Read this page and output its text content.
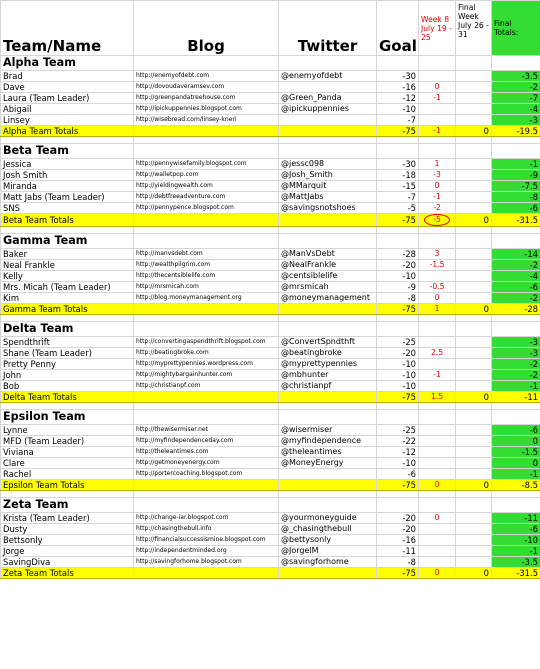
Team/Name	Blog	Twitter	Goal	Week 8 July 19 - 25	Final Week July 26 - 31	Final Totals:
Alpha Team						
Brad	http://enemyofdebt.com	@enemyofdebt	-30			-3.5
Dave	http://dovoudaveramsev.com		-16	0		-2
Laura (Team Leader)	http://greenpandatreehouse.com	@Green_Panda	-12	-1		-7
Abigail	http://ipickuppennies.blogspot.com	@ipickuppennies	-10			-4
Linsey	http://wisebread.com/linsey-kneri		-7			-3
Alpha Team Totals			-75	-1	0	-19.5

Beta Team						
Jessica	http://pennywisefamily.blogspot.com	@jessc098	-30	1		-1
Josh Smith	http://walletpop.com	@Josh_Smith	-18	-3		-9
Miranda	http://yieldingwealth.com	@MMarquit	-15	0		-7.5
Matt Jabs (Team Leader)	http://debtfreeadventure.com	@MattJabs	-7	-1		-8
SNS	http://pennypence.blogspot.com	@savingsnotshoes	-5	-2		-6
Beta Team Totals			-75	-5	0	-31.5

Gamma Team						
Baker	http://manvsdebt.com	@ManVsDebt	-28	3		-14
Neal Frankle	http://wealthpilgrim.com	@NealFrankle	-20	-1.5		-2
Kelly	http://thecentsiblelife.com	@centsiblelife	-10			-4
Mrs. Micah (Team Leader)	http://mrsmicah.com	@mrsmicah	-9	-0.5		-6
Kim	http://blog.moneymanagement.org	@moneymanagement	-8	0		-2
Gamma Team Totals			-75	1	0	-28

Delta Team						
Spendthrift	http://convertingaspendthrift.blogspot.com	@ConvertSpndthft	-25			-3
Shane (Team Leader)	http://beatingbroke.com	@beatingbroke	-20	2.5		-3
Pretty Penny	http://myprettypennies.wordpress.com	@myprettypennies	-10			-2
John	http://mightybargainhunter.com	@mbhunter	-10	-1		-2
Bob	http://christianpf.com	@christianpf	-10			-1
Delta Team Totals			-75	1.5	0	-11

Epsilon Team						
Lynne	http://thewisermiser.net	@wisermiser	-25			-6
MFD (Team Leader)	http://myfindependenceday.com	@myfindependence	-22			0
Viviana	http://theleantimes.com	@theleantimes	-12			-1.5
Clare	http://getmoneyenergy.com	@MoneyEnergy	-10			0
Rachel	http://portercoaching.blogspot.com		-6			-1
Epsilon Team Totals			-75	0	0	-8.5

Zeta Team						
Krista (Team Leader)	http://change-iar.blogspot.com	@yourmoneyguide	-20	0		-11
Dusty	http://chasingthebull.info	@_chasingthebull	-20			-6
Bettsonly	http://financialsuccessismine.blogspot.com	@bettysonly	-16			-10
Jorge	http://independentminded.org	@JorgelM	-11			-1
SavingDiva	http://savingforhome.blogspot.com	@savingforhome	-8			-3.5
Zeta Team Totals			-75	0	0	-31.5
